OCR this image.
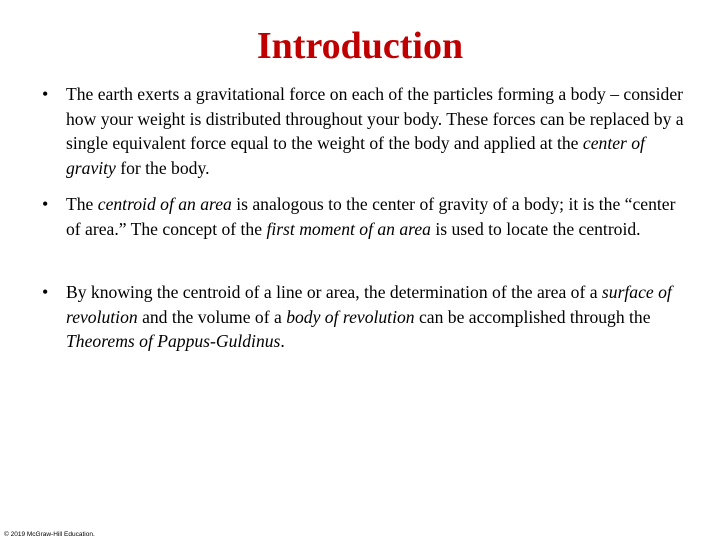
Introduction
• The earth exerts a gravitational force on each of the particles forming a body – consider how your weight is distributed throughout your body. These forces can be replaced by a single equivalent force equal to the weight of the body and applied at the center of gravity for the body.
• The centroid of an area is analogous to the center of gravity of a body; it is the “center of area.” The concept of the first moment of an area is used to locate the centroid.
• By knowing the centroid of a line or area, the determination of the area of a surface of revolution and the volume of a body of revolution can be accomplished through the Theorems of Pappus-Guldinus.
© 2019 McGraw-Hill Education.
